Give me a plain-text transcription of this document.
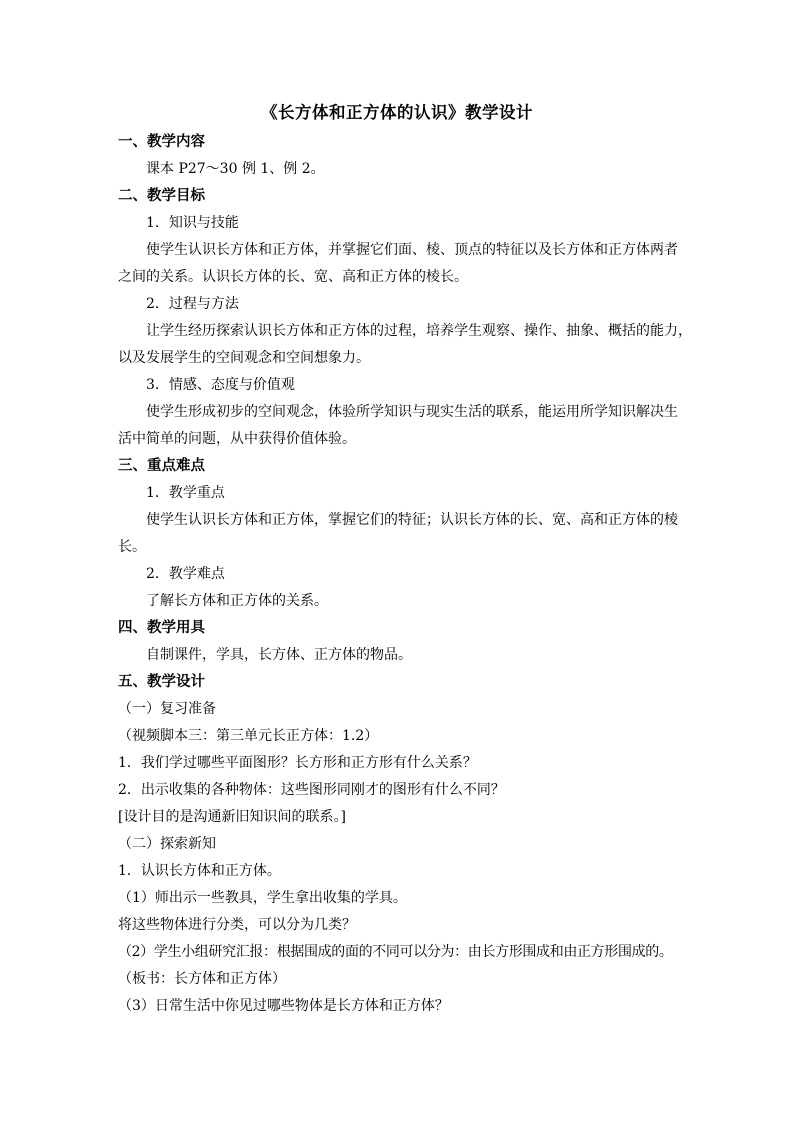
《长方体和正方体的认识》教学设计
一、教学内容
课本 P27～30 例 1、例 2。
二、教学目标
1．知识与技能
使学生认识长方体和正方体，并掌握它们面、棱、顶点的特征以及长方体和正方体两者
之间的关系。认识长方体的长、宽、高和正方体的棱长。
2．过程与方法
让学生经历探索认识长方体和正方体的过程，培养学生观察、操作、抽象、概括的能力，
以及发展学生的空间观念和空间想象力。
3．情感、态度与价值观
使学生形成初步的空间观念，体验所学知识与现实生活的联系，能运用所学知识解决生
活中简单的问题，从中获得价值体验。
三、重点难点
1．教学重点
使学生认识长方体和正方体，掌握它们的特征；认识长方体的长、宽、高和正方体的棱
长。
2．教学难点
了解长方体和正方体的关系。
四、教学用具
自制课件，学具，长方体、正方体的物品。
五、教学设计
（一）复习准备
（视频脚本三：第三单元长正方体：1.2）
1．我们学过哪些平面图形？长方形和正方形有什么关系？
2．出示收集的各种物体：这些图形同刚才的图形有什么不同？
[设计目的是沟通新旧知识间的联系。]
（二）探索新知
1．认识长方体和正方体。
（1）师出示一些教具，学生拿出收集的学具。
将这些物体进行分类，可以分为几类？
（2）学生小组研究汇报：根据围成的面的不同可以分为：由长方形围成和由正方形围成的。
（板书：长方体和正方体）
（3）日常生活中你见过哪些物体是长方体和正方体？
